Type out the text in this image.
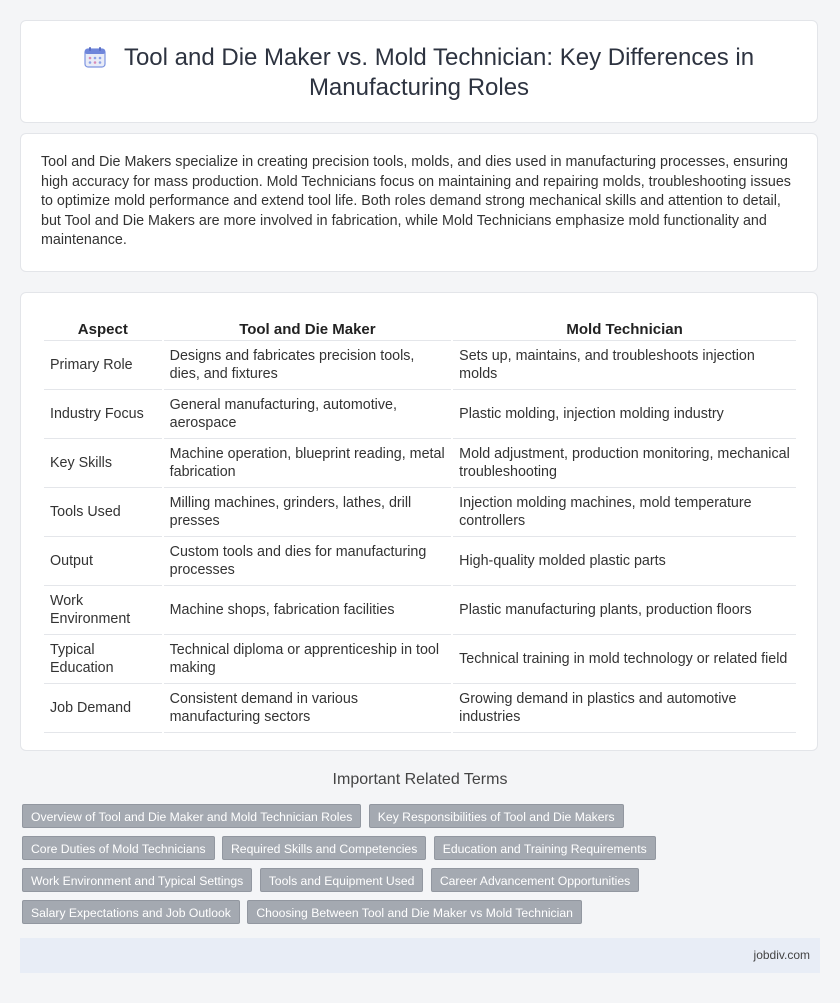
Tool and Die Maker vs. Mold Technician: Key Differences in Manufacturing Roles

Tool and Die Makers specialize in creating precision tools, molds, and dies used in manufacturing processes, ensuring high accuracy for mass production. Mold Technicians focus on maintaining and repairing molds, troubleshooting issues to optimize mold performance and extend tool life. Both roles demand strong mechanical skills and attention to detail, but Tool and Die Makers are more involved in fabrication, while Mold Technicians emphasize mold functionality and maintenance.

Aspect	Tool and Die Maker	Mold Technician
Primary Role	Designs and fabricates precision tools, dies, and fixtures	Sets up, maintains, and troubleshoots injection molds
Industry Focus	General manufacturing, automotive, aerospace	Plastic molding, injection molding industry
Key Skills	Machine operation, blueprint reading, metal fabrication	Mold adjustment, production monitoring, mechanical troubleshooting
Tools Used	Milling machines, grinders, lathes, drill presses	Injection molding machines, mold temperature controllers
Output	Custom tools and dies for manufacturing processes	High-quality molded plastic parts
Work Environment	Machine shops, fabrication facilities	Plastic manufacturing plants, production floors
Typical Education	Technical diploma or apprenticeship in tool making	Technical training in mold technology or related field
Job Demand	Consistent demand in various manufacturing sectors	Growing demand in plastics and automotive industries
Important Related Terms
Overview of Tool and Die Maker and Mold Technician Roles Key Responsibilities of Tool and Die Makers Core Duties of Mold Technicians Required Skills and Competencies Education and Training Requirements Work Environment and Typical Settings Tools and Equipment Used Career Advancement Opportunities Salary Expectations and Job Outlook Choosing Between Tool and Die Maker vs Mold Technician
jobdiv.com
